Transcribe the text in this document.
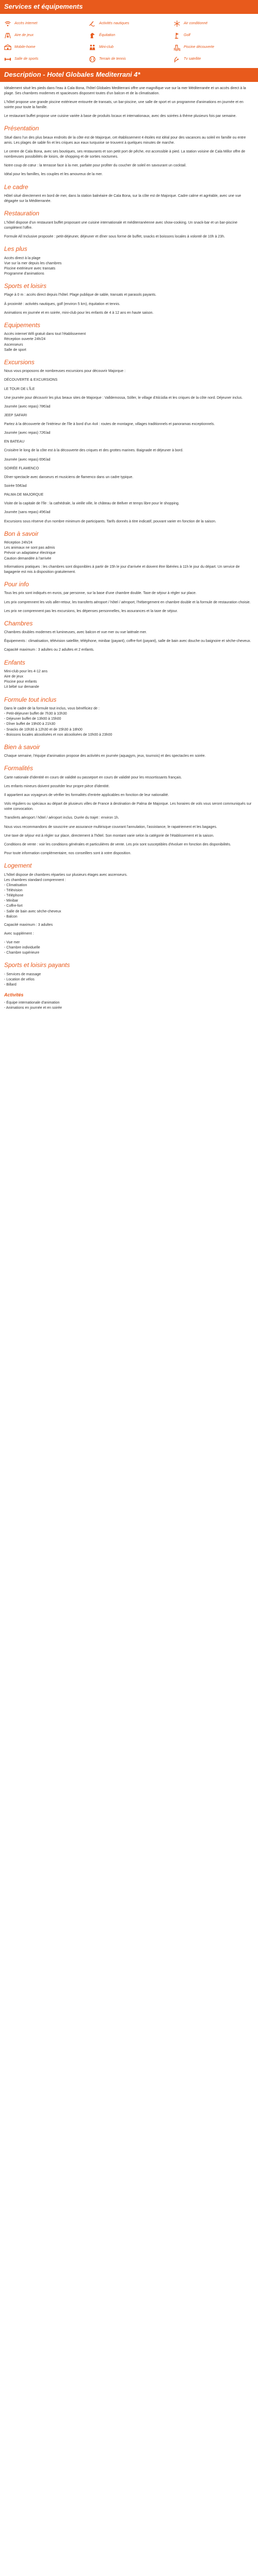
Services et équipements
Accès internet	Activités nautiques	Air conditionné
Aire de jeux	Équitation	Golf
Mobile-home	Mini-club	Piscine découverte
Salle de sports	Terrain de tennis	Tv satellite
Description - Hotel Globales Mediterrani 4*

Idéalement situé les pieds dans l'eau à Cala Bona, l'hôtel Globales Mediterrani offre une magnifique vue sur la mer Méditerranée et un accès direct à la plage. Ses chambres modernes et spacieuses disposent toutes d'un balcon et de la climatisation.

L'hôtel propose une grande piscine extérieure entourée de transats, un bar-piscine, une salle de sport et un programme d'animations en journée et en soirée pour toute la famille.

Le restaurant buffet propose une cuisine variée à base de produits locaux et internationaux, avec des soirées à thème plusieurs fois par semaine.

Présentation

Situé dans l'un des plus beaux endroits de la côte est de Majorque, cet établissement 4 étoiles est idéal pour des vacances au soleil en famille ou entre amis. Les plages de sable fin et les criques aux eaux turquoise se trouvent à quelques minutes de marche.

Le centre de Cala Bona, avec ses boutiques, ses restaurants et son petit port de pêche, est accessible à pied. La station voisine de Cala Millor offre de nombreuses possibilités de loisirs, de shopping et de sorties nocturnes.

Notre coup de cœur : la terrasse face à la mer, parfaite pour profiter du coucher de soleil en savourant un cocktail.

Idéal pour les familles, les couples et les amoureux de la mer.

Le cadre

Hôtel situé directement en bord de mer, dans la station balnéaire de Cala Bona, sur la côte est de Majorque. Cadre calme et agréable, avec une vue dégagée sur la Méditerranée.

Restauration

L'hôtel dispose d'un restaurant buffet proposant une cuisine internationale et méditerranéenne avec show-cooking. Un snack-bar et un bar-piscine complètent l'offre.

Formule All Inclusive proposée : petit-déjeuner, déjeuner et dîner sous forme de buffet, snacks et boissons locales à volonté de 10h à 23h.

Les plus
Accès direct à la plage
Vue sur la mer depuis les chambres
Piscine extérieure avec transats
Programme d'animations
Sports et loisirs

Plage à 0 m : accès direct depuis l'hôtel. Plage publique de sable, transats et parasols payants.

À proximité : activités nautiques, golf (environ 5 km), équitation et tennis.

Animations en journée et en soirée, mini-club pour les enfants de 4 à 12 ans en haute saison.

Equipements
Accès internet Wifi gratuit dans tout l'établissement
Réception ouverte 24h/24
Ascenseurs
Salle de sport
Excursions

Nous vous proposons de nombreuses excursions pour découvrir Majorque :

DÉCOUVERTE & EXCURSIONS

LE TOUR DE L'ÎLE

Une journée pour découvrir les plus beaux sites de Majorque : Valldemossa, Sóller, le village d'Alcúdia et les criques de la côte nord. Déjeuner inclus.

Journée (avec repas) 78€/ad

JEEP SAFARI

Partez à la découverte de l'intérieur de l'île à bord d'un 4x4 : routes de montagne, villages traditionnels et panoramas exceptionnels.

Journée (avec repas) 72€/ad

EN BATEAU

Croisière le long de la côte est à la découverte des criques et des grottes marines. Baignade et déjeuner à bord.

Journée (avec repas) 65€/ad

SOIRÉE FLAMENCO

Dîner-spectacle avec danseurs et musiciens de flamenco dans un cadre typique.

Soirée 55€/ad

PALMA DE MAJORQUE

Visite de la capitale de l'île : la cathédrale, la vieille ville, le château de Bellver et temps libre pour le shopping.

Journée (sans repas) 45€/ad

Excursions sous réserve d'un nombre minimum de participants. Tarifs donnés à titre indicatif, pouvant varier en fonction de la saison.

Bon à savoir
Réception 24h/24
Les animaux ne sont pas admis
Prévoir un adaptateur électrique
Caution demandée à l'arrivée

Informations pratiques : les chambres sont disponibles à partir de 15h le jour d'arrivée et doivent être libérées à 11h le jour du départ. Un service de bagagerie est mis à disposition gratuitement.

Pour info

Tous les prix sont indiqués en euros, par personne, sur la base d'une chambre double. Taxe de séjour à régler sur place.

Les prix comprennent les vols aller-retour, les transferts aéroport / hôtel / aéroport, l'hébergement en chambre double et la formule de restauration choisie.

Les prix ne comprennent pas les excursions, les dépenses personnelles, les assurances et la taxe de séjour.

Chambres

Chambres doubles modernes et lumineuses, avec balcon et vue mer ou vue latérale mer.

Équipements : climatisation, télévision satellite, téléphone, minibar (payant), coffre-fort (payant), salle de bain avec douche ou baignoire et sèche-cheveux.

Capacité maximum : 3 adultes ou 2 adultes et 2 enfants.

Enfants
Mini-club pour les 4-12 ans
Aire de jeux
Piscine pour enfants
Lit bébé sur demande
Formule tout inclus
Dans le cadre de la formule tout inclus, vous bénéficiez de :
- Petit-déjeuner buffet de 7h30 à 10h30
- Déjeuner buffet de 13h00 à 15h00
- Dîner buffet de 19h00 à 21h30
- Snacks de 10h30 à 12h30 et de 15h30 à 18h00
- Boissons locales alcoolisées et non alcoolisées de 10h00 à 23h00
Bien à savoir

Chaque semaine, l'équipe d'animation propose des activités en journée (aquagym, jeux, tournois) et des spectacles en soirée.

Formalités

Carte nationale d'identité en cours de validité ou passeport en cours de validité pour les ressortissants français.

Les enfants mineurs doivent posséder leur propre pièce d'identité.

Il appartient aux voyageurs de vérifier les formalités d'entrée applicables en fonction de leur nationalité.

Vols réguliers ou spéciaux au départ de plusieurs villes de France à destination de Palma de Majorque. Les horaires de vols vous seront communiqués sur votre convocation.

Transferts aéroport / hôtel / aéroport inclus. Durée du trajet : environ 1h.

Nous vous recommandons de souscrire une assurance multirisque couvrant l'annulation, l'assistance, le rapatriement et les bagages.

Une taxe de séjour est à régler sur place, directement à l'hôtel. Son montant varie selon la catégorie de l'établissement et la saison.

Conditions de vente : voir les conditions générales et particulières de vente. Les prix sont susceptibles d'évoluer en fonction des disponibilités.

Pour toute information complémentaire, nos conseillers sont à votre disposition.

Logement
L'hôtel dispose de chambres réparties sur plusieurs étages avec ascenseurs.
Les chambres standard comprennent :
- Climatisation
- Télévision
- Téléphone
- Minibar
- Coffre-fort
- Salle de bain avec sèche-cheveux
- Balcon

Capacité maximum : 3 adultes

Avec supplément :

- Vue mer
- Chambre individuelle
- Chambre supérieure
Sports et loisirs payants
- Services de massage
- Location de vélos
- Billard
Activités
- Équipe internationale d'animation
- Animations en journée et en soirée
